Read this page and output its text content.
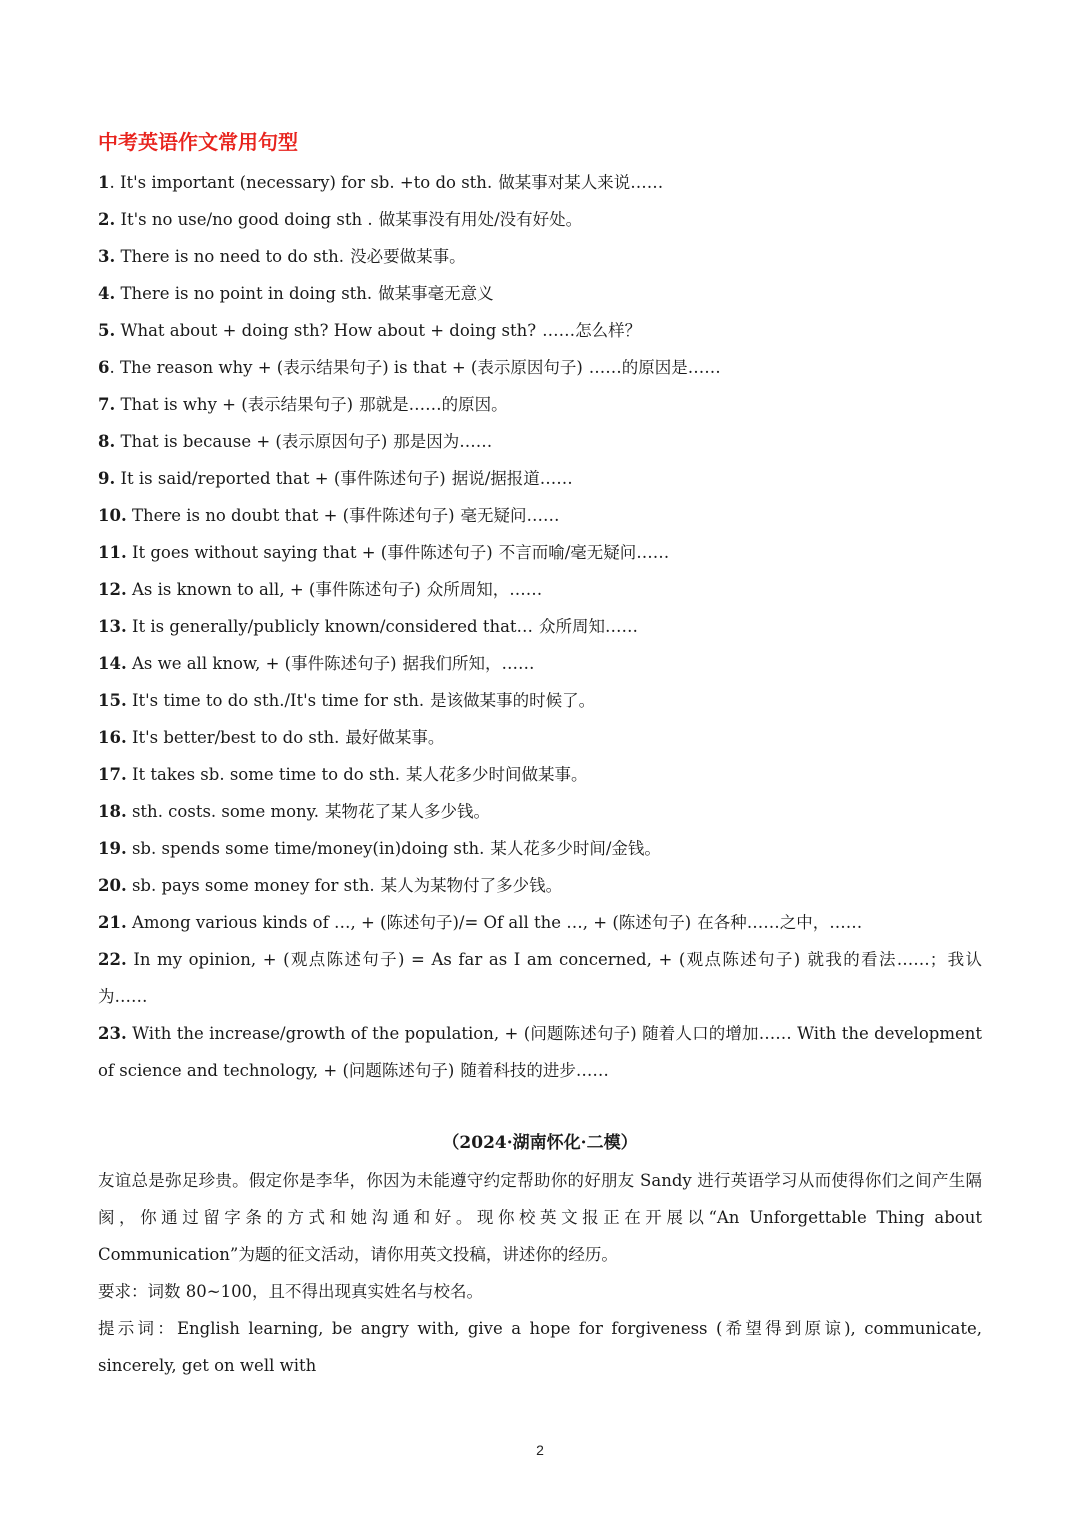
中考英语作文常用句型

1. It's important (necessary) for sb. +to do sth. 做某事对某人来说……

2. It's no use/no good doing sth . 做某事没有用处/没有好处。

3. There is no need to do sth. 没必要做某事。

4. There is no point in doing sth. 做某事毫无意义

5. What about + doing sth? How about + doing sth? ……怎么样？

6. The reason why + (表示结果句子) is that + (表示原因句子) ……的原因是……

7. That is why + (表示结果句子) 那就是……的原因。

8. That is because + (表示原因句子) 那是因为……

9. It is said/reported that + (事件陈述句子) 据说/据报道……

10. There is no doubt that + (事件陈述句子) 毫无疑问……

11. It goes without saying that + (事件陈述句子) 不言而喻/毫无疑问……

12. As is known to all, + (事件陈述句子) 众所周知，……

13. It is generally/publicly known/considered that… 众所周知……

14. As we all know, + (事件陈述句子) 据我们所知，……

15. It's time to do sth./It's time for sth. 是该做某事的时候了。

16. It's better/best to do sth. 最好做某事。

17. It takes sb. some time to do sth. 某人花多少时间做某事。

18. sth. costs. some mony. 某物花了某人多少钱。

19. sb. spends some time/money(in)doing sth. 某人花多少时间/金钱。

20. sb. pays some money for sth. 某人为某物付了多少钱。

21. Among various kinds of …, + (陈述句子)/= Of all the …, + (陈述句子) 在各种……之中，……

22. In my opinion, + (观点陈述句子) = As far as I am concerned, + (观点陈述句子) 就我的看法……；我认为……

23. With the increase/growth of the population, + (问题陈述句子) 随着人口的增加…… With the development of science and technology, + (问题陈述句子) 随着科技的进步……

（2024·湖南怀化·二模）

友谊总是弥足珍贵。假定你是李华，你因为未能遵守约定帮助你的好朋友 Sandy 进行英语学习从而使得你们之间产生隔阂，你通过留字条的方式和她沟通和好。现你校英文报正在开展以“An Unforgettable Thing about Communication”为题的征文活动，请你用英文投稿，讲述你的经历。

要求：词数 80~100，且不得出现真实姓名与校名。

提示词：English learning, be angry with, give a hope for forgiveness (希望得到原谅), communicate, sincerely, get on well with

2
